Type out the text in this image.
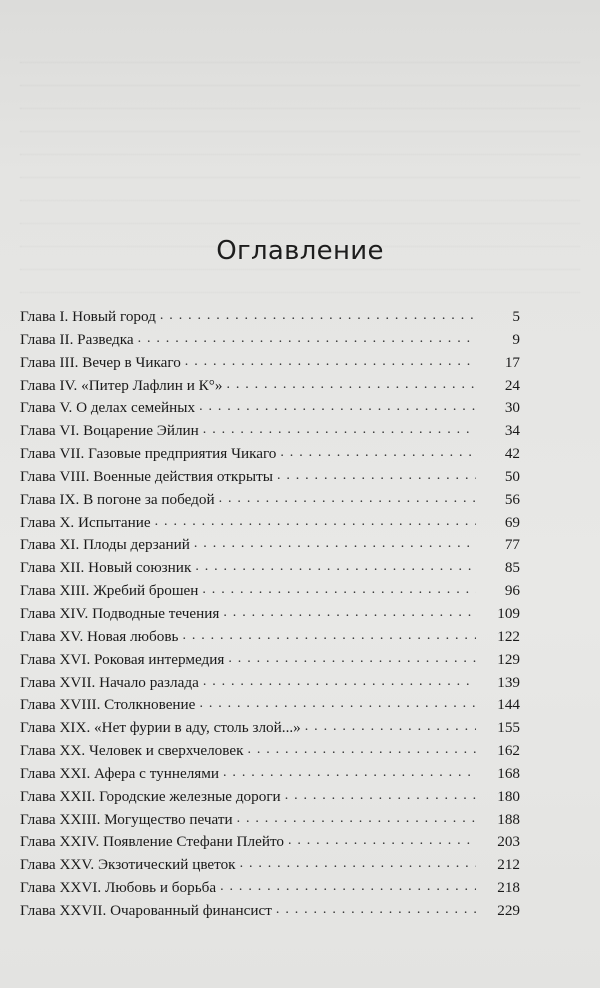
Оглавление
Глава I. Новый город . . .	5
Глава II. Разведка . . .	9
Глава III. Вечер в Чикаго . . .	17
Глава IV. «Питер Лафлин и К°» . . .	24
Глава V. О делах семейных . . .	30
Глава VI. Воцарение Эйлин . . .	34
Глава VII. Газовые предприятия Чикаго . . .	42
Глава VIII. Военные действия открыты . . .	50
Глава IX. В погоне за победой . . .	56
Глава X. Испытание . . .	69
Глава XI. Плоды дерзаний . . .	77
Глава XII. Новый союзник . . .	85
Глава XIII. Жребий брошен . . .	96
Глава XIV. Подводные течения . . .	109
Глава XV. Новая любовь . . .	122
Глава XVI. Роковая интермедия . . .	129
Глава XVII. Начало разлада . . .	139
Глава XVIII. Столкновение . . .	144
Глава XIX. «Нет фурии в аду, столь злой...» . . .	155
Глава XX. Человек и сверхчеловек . . .	162
Глава XXI. Афера с туннелями . . .	168
Глава XXII. Городские железные дороги . . .	180
Глава XXIII. Могущество печати . . .	188
Глава XXIV. Появление Стефани Плейто . . .	203
Глава XXV. Экзотический цветок . . .	212
Глава XXVI. Любовь и борьба . . .	218
Глава XXVII. Очарованный финансист . . .	229
